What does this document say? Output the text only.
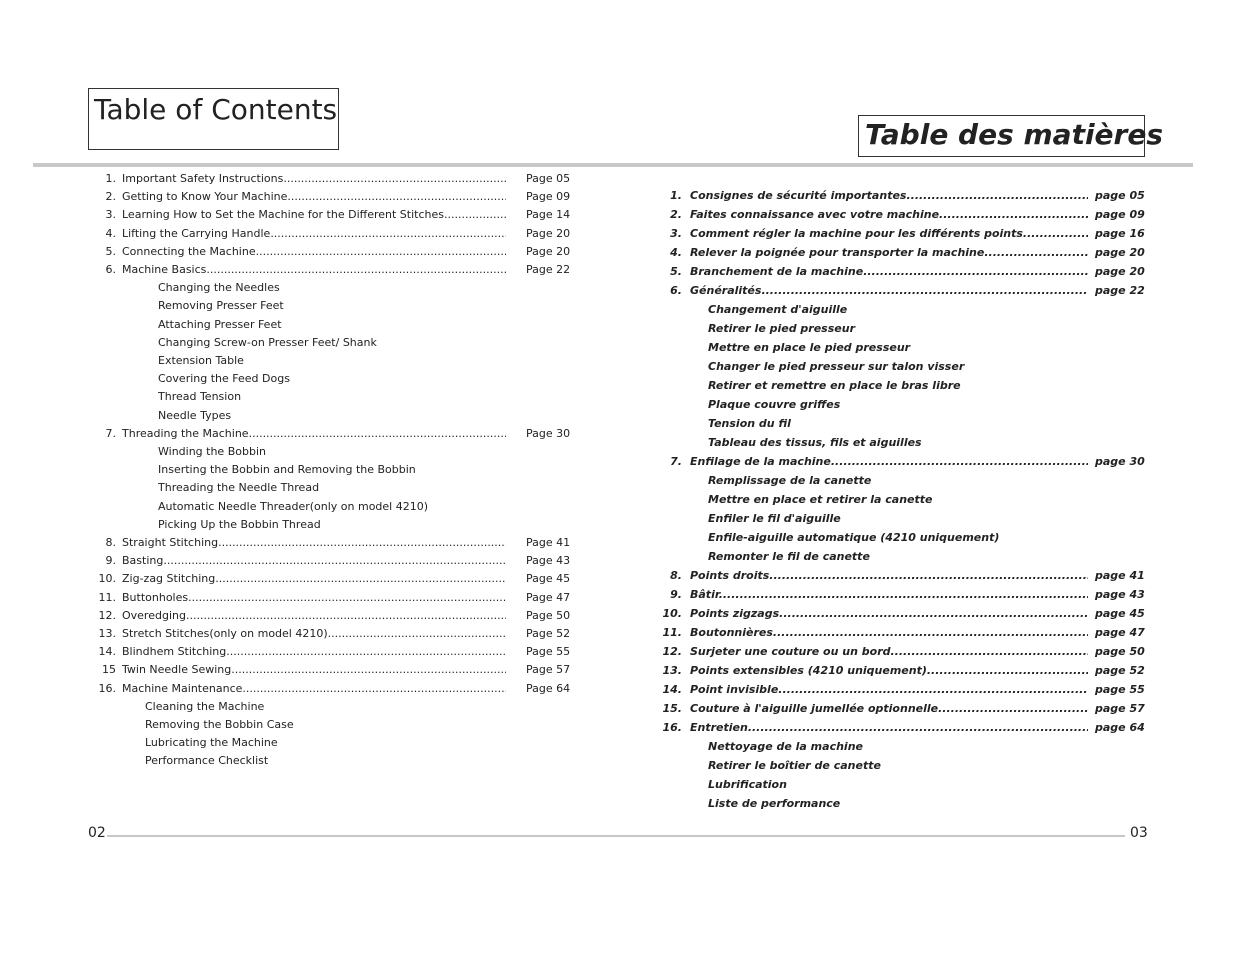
Table of Contents
Table des matières
1. Important Safety Instructions .....	Page 05
2. Getting to Know Your Machine .....	Page 09
3. Learning How to Set the Machine for the Different Stitches .....	Page 14
4. Lifting the Carrying Handle .....	Page 20
5. Connecting the Machine .....	Page 20
6. Machine Basics .....	Page 22
Changing the Needles
Removing Presser Feet
Attaching Presser Feet
Changing Screw-on Presser Feet/ Shank
Extension Table
Covering the Feed Dogs
Thread Tension
Needle Types
7. Threading the Machine .....	Page 30
Winding the Bobbin
Inserting the Bobbin and Removing the Bobbin
Threading the Needle Thread
Automatic Needle Threader(only on model 4210)
Picking Up the Bobbin Thread
8. Straight Stitching .....	Page 41
9. Basting .....	Page 43
10. Zig-zag Stitching .....	Page 45
11. Buttonholes .....	Page 47
12. Overedging .....	Page 50
13. Stretch Stitches(only on model 4210) .....	Page 52
14. Blindhem Stitching .....	Page 55
15 Twin Needle Sewing .....	Page 57
16. Machine Maintenance .....	Page 64
Cleaning the Machine
Removing the Bobbin Case
Lubricating the Machine
Performance Checklist
1. Consignes de sécurité importantes .....	page 05
2. Faites connaissance avec votre machine .....	page 09
3. Comment régler la machine pour les différents points .....	page 16
4. Relever la poignée pour transporter la machine .....	page 20
5. Branchement de la machine .....	page 20
6. Généralités .....	page 22
Changement d'aiguille
Retirer le pied presseur
Mettre en place le pied presseur
Changer le pied presseur sur talon visser
Retirer et remettre en place le bras libre
Plaque couvre griffes
Tension du fil
Tableau des tissus, fils et aiguilles
7. Enfilage de la machine .....	page 30
Remplissage de la canette
Mettre en place et retirer la canette
Enfiler le fil d'aiguille
Enfile-aiguille automatique (4210 uniquement)
Remonter le fil de canette
8. Points droits .....	page 41
9. Bâtir .....	page 43
10. Points zigzags .....	page 45
11. Boutonnières .....	page 47
12. Surjeter une couture ou un bord .....	page 50
13. Points extensibles (4210 uniquement) .....	page 52
14. Point invisible .....	page 55
15. Couture à l'aiguille jumellée optionnelle .....	page 57
16. Entretien .....	page 64
Nettoyage de la machine
Retirer le boîtier de canette
Lubrification
Liste de performance
02	03
